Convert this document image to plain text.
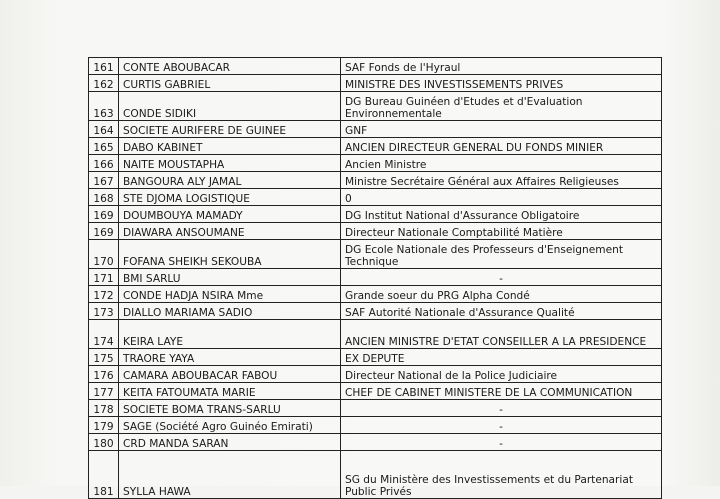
161	CONTE ABOUBACAR	SAF Fonds de l'Hyraul
162	CURTIS GABRIEL	MINISTRE DES INVESTISSEMENTS PRIVES
163	CONDE SIDIKI	DG Bureau Guinéen d'Etudes et d'Evaluation Environnementale
164	SOCIETE AURIFERE DE GUINEE	GNF
165	DABO KABINET	ANCIEN DIRECTEUR GENERAL DU FONDS MINIER
166	NAITE MOUSTAPHA	Ancien Ministre
167	BANGOURA ALY JAMAL	Ministre Secrétaire Général aux Affaires Religieuses
168	STE DJOMA LOGISTIQUE	0
169	DOUMBOUYA MAMADY	DG Institut National d'Assurance Obligatoire
169	DIAWARA ANSOUMANE	Directeur Nationale Comptabilité Matière
170	FOFANA SHEIKH SEKOUBA	DG Ecole Nationale des Professeurs d'Enseignement Technique
171	BMI SARLU	-
172	CONDE HADJA NSIRA Mme	Grande soeur du PRG Alpha Condé
173	DIALLO MARIAMA SADIO	SAF Autorité Nationale d'Assurance Qualité
174	KEIRA LAYE	ANCIEN MINISTRE D'ETAT CONSEILLER A LA PRESIDENCE
175	TRAORE YAYA	EX DEPUTE
176	CAMARA ABOUBACAR FABOU	Directeur National de la Police Judiciaire
177	KEITA FATOUMATA MARIE	CHEF DE CABINET MINISTERE DE LA COMMUNICATION
178	SOCIETE BOMA TRANS-SARLU	-
179	SAGE (Société Agro Guinéo Emirati)	-
180	CRD MANDA SARAN	-
181	SYLLA HAWA	SG du Ministère des Investissements et du Partenariat Public Privés
